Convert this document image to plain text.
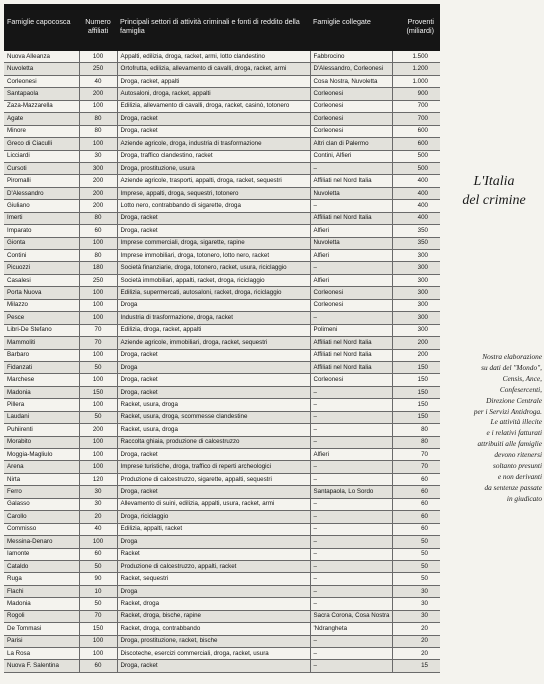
Famiglie capocosca	Numero affiliati	Principali settori di attività criminali e fonti di reddito della famiglia	Famiglie collegate	Proventi (miliardi)
Nuova Alleanza	100	Appalti, edilizia, droga, racket, armi, lotto clandestino	Fabbrocino	1.500
Nuvoletta	250	Ortofrutta, edilizia, allevamento di cavalli, droga, racket, armi	D'Alessandro, Corleonesi	1.200
Corleonesi	40	Droga, racket, appalti	Cosa Nostra, Nuvoletta	1.000
Santapaola	200	Autosaloni, droga, racket, appalti	Corleonesi	900
Zaza-Mazzarella	100	Edilizia, allevamento di cavalli, droga, racket, casinò, totonero	Corleonesi	700
Agate	80	Droga, racket	Corleonesi	700
Minore	80	Droga, racket	Corleonesi	600
Greco di Ciaculli	100	Aziende agricole, droga, industria di trasformazione	Altri clan di Palermo	600
Licciardi	30	Droga, traffico clandestino, racket	Contini, Alfieri	500
Cursoti	300	Droga, prostituzione, usura	–	500
Piromalli	200	Aziende agricole, trasporti, appalti, droga, racket, sequestri	Affiliati nel Nord Italia	400
D'Alessandro	200	Imprese, appalti, droga, sequestri, totonero	Nuvoletta	400
Giuliano	200	Lotto nero, contrabbando di sigarette, droga	–	400
Imerti	80	Droga, racket	Affiliati nel Nord Italia	400
Imparato	60	Droga, racket	Alfieri	350
Gionta	100	Imprese commerciali, droga, sigarette, rapine	Nuvoletta	350
Contini	80	Imprese immobiliari, droga, totonero, lotto nero, racket	Alfieri	300
Picuozzi	180	Società finanziarie, droga, totonero, racket, usura, riciclaggio	–	300
Casalesi	250	Società immobiliari, appalti, racket, droga, riciclaggio	Alfieri	300
Porta Nuova	100	Edilizia, supermercati, autosaloni, racket, droga, riciclaggio	Corleonesi	300
Milazzo	100	Droga	Corleonesi	300
Pesce	100	Industria di trasformazione, droga, racket	–	300
Libri-De Stefano	70	Edilizia, droga, racket, appalti	Polimeni	300
Mammoliti	70	Aziende agricole, immobiliari, droga, racket, sequestri	Affiliati nel Nord Italia	200
Barbaro	100	Droga, racket	Affiliati nel Nord Italia	200
Fidanzati	50	Droga	Affiliati nel Nord Italia	150
Marchese	100	Droga, racket	Corleonesi	150
Madonia	150	Droga, racket	–	150
Pillera	100	Racket, usura, droga	–	150
Laudani	50	Racket, usura, droga, scommesse clandestine	–	150
Puhiirenti	200	Racket, usura, droga	–	80
Morabito	100	Raccolta ghiaia, produzione di calcestruzzo	–	80
Moggia-Magliulo	100	Droga, racket	Alfieri	70
Arena	100	Imprese turistiche, droga, traffico di reperti archeologici	–	70
Nirta	120	Produzione di calcestruzzo, sigarette, appalti, sequestri	–	60
Ferro	30	Droga, racket	Santapaola, Lo Sordo	60
Galasso	30	Allevamento di suini, edilizia, appalti, usura, racket, armi	–	60
Carollo	20	Droga, riciclaggio	–	60
Commisso	40	Edilizia, appalti, racket	–	60
Messina-Denaro	100	Droga	–	50
Iamonte	60	Racket	–	50
Cataldo	50	Produzione di calcestruzzo, appalti, racket	–	50
Ruga	90	Racket, sequestri	–	50
Flachi	10	Droga	–	30
Madonia	50	Racket, droga	–	30
Rogoli	70	Racket, droga, bische, rapine	Sacra Corona, Cosa Nostra	30
De Tommasi	150	Racket, droga, contrabbando	'Ndrangheta	20
Parisi	100	Droga, prostituzione, racket, bische	–	20
La Rosa	100	Discoteche, esercizi commerciali, droga, racket, usura	–	20
Nuova F. Salentina	60	Droga, racket	–	15
L'Italia
del crimine
Nostra elaborazione
su dati del "Mondo",
Censis, Ance,
Confesercenti,
Direzione Centrale
per i Servizi Antidroga.
Le attività illecite
e i relativi fatturati
attribuiti alle famiglie
devono ritenersi
soltanto presunti
e non derivanti
da sentenze passate
in giudicato
